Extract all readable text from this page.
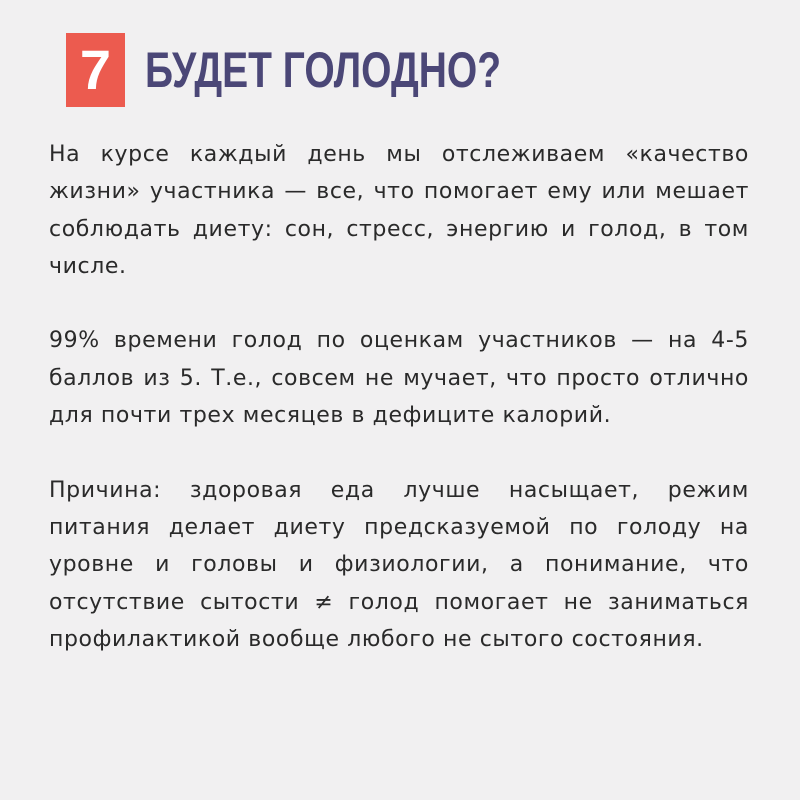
7 БУДЕТ ГОЛОДНО?

На курсе каждый день мы отслеживаем «качество жизни» участника — все, что помогает ему или мешает соблюдать диету: сон, стресс, энергию и голод, в том числе.

99% времени голод по оценкам участников — на 4-5 баллов из 5. Т.е., совсем не мучает, что просто отлично для почти трех месяцев в дефиците калорий.

Причина: здоровая еда лучше насыщает, режим питания делает диету предсказуемой по голоду на уровне и головы и физиологии, а понимание, что отсутствие сытости ≠ голод помогает не заниматься профилактикой вообще любого не сытого состояния.
